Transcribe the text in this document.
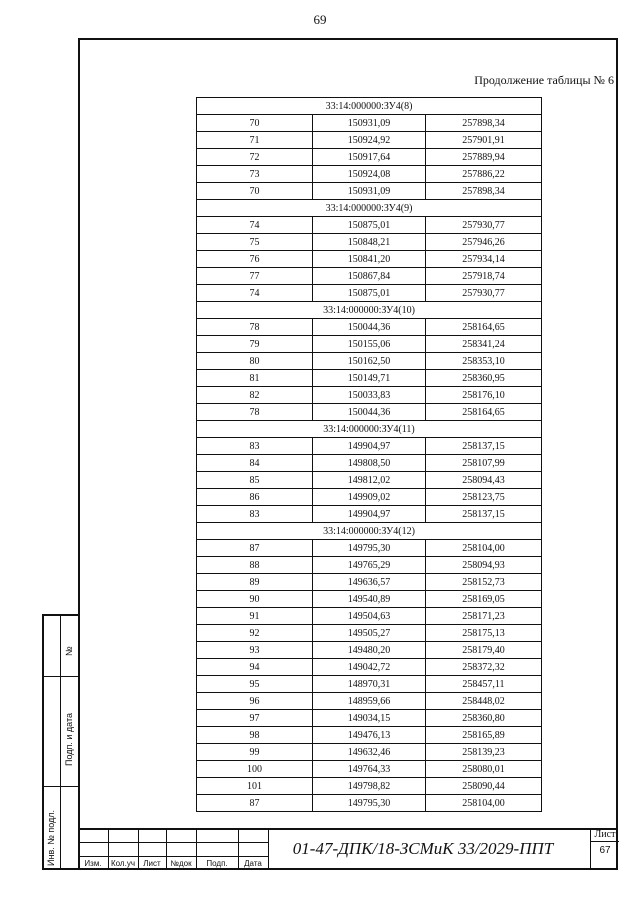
69
№
Подп. и дата
Инв. № подл.
Продолжение таблицы № 6
33:14:000000:ЗУ4(8)		
70	150931,09	257898,34
71	150924,92	257901,91
72	150917,64	257889,94
73	150924,08	257886,22
70	150931,09	257898,34
33:14:000000:ЗУ4(9)		
74	150875,01	257930,77
75	150848,21	257946,26
76	150841,20	257934,14
77	150867,84	257918,74
74	150875,01	257930,77
33:14:000000:ЗУ4(10)		
78	150044,36	258164,65
79	150155,06	258341,24
80	150162,50	258353,10
81	150149,71	258360,95
82	150033,83	258176,10
78	150044,36	258164,65
33:14:000000:ЗУ4(11)		
83	149904,97	258137,15
84	149808,50	258107,99
85	149812,02	258094,43
86	149909,02	258123,75
83	149904,97	258137,15
33:14:000000:ЗУ4(12)		
87	149795,30	258104,00
88	149765,29	258094,93
89	149636,57	258152,73
90	149540,89	258169,05
91	149504,63	258171,23
92	149505,27	258175,13
93	149480,20	258179,40
94	149042,72	258372,32
95	148970,31	258457,11
96	148959,66	258448,02
97	149034,15	258360,80
98	149476,13	258165,89
99	149632,46	258139,23
100	149764,33	258080,01
101	149798,82	258090,44
87	149795,30	258104,00
Изм.	Кол.уч	Лист	№док	Подп.	Дата
01-47-ДПК/18-ЗСМиК 33/2029-ППТ
Лист
67
